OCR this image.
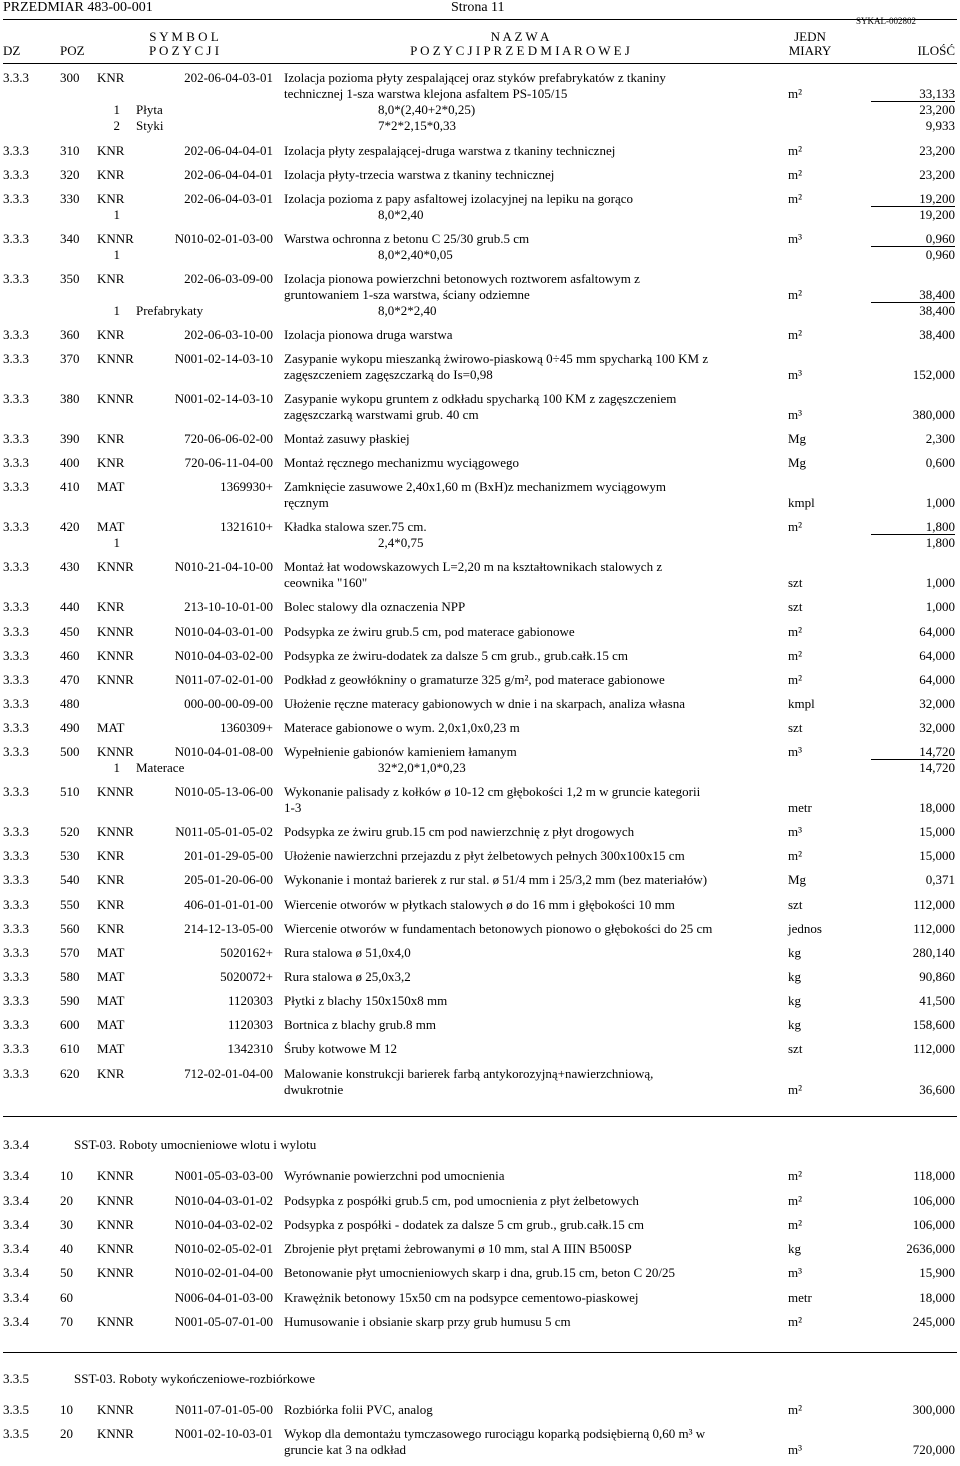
PRZEDMIAR 483-00-001	Strona 11
SYKAL-002802
DZ	POZ
S Y M B O L
P O Z Y C J I
N A Z W A
P O Z Y C J I P R Z E D M I A R O W E J
JEDN
MIARY	ILOŚĆ
3.3.3 300 KNR	202-06-04-03-01 Izolacja pozioma płyty zespalającej oraz styków prefabrykatów z tkaniny
technicznej 1-sza warstwa klejona asfaltem PS-105/15	m²	33,133
1 Płyta	8,0*(2,40+2*0,25)	23,200
2 Styki	7*2*2,15*0,33	9,933
3.3.3 310 KNR	202-06-04-04-01 Izolacja płyty zespalającej-druga warstwa z tkaniny technicznej	m²	23,200
3.3.3 320 KNR	202-06-04-04-01 Izolacja płyty-trzecia warstwa z tkaniny technicznej	m²	23,200
3.3.3 330 KNR	202-06-04-03-01 Izolacja pozioma z papy asfaltowej izolacyjnej na lepiku na gorąco	m²	19,200
1	8,0*2,40	19,200
3.3.3 340 KNNR	N010-02-01-03-00 Warstwa ochronna z betonu C 25/30 grub.5 cm	m³	0,960
1	8,0*2,40*0,05	0,960
3.3.3 350 KNR	202-06-03-09-00 Izolacja pionowa powierzchni betonowych roztworem asfaltowym z
gruntowaniem 1-sza warstwa, ściany odziemne	m²	38,400
1 Prefabrykaty	8,0*2*2,40	38,400
3.3.3 360 KNR	202-06-03-10-00 Izolacja pionowa druga warstwa	m²	38,400
3.3.3 370 KNNR	N001-02-14-03-10 Zasypanie wykopu mieszanką żwirowo-piaskową 0÷45 mm spycharką 100 KM z
zagęszczeniem zagęszczarką do Is=0,98	m³	152,000
3.3.3 380 KNNR	N001-02-14-03-10 Zasypanie wykopu gruntem z odkładu spycharką 100 KM z zagęszczeniem
zagęszczarką warstwami grub. 40 cm	m³	380,000
3.3.3 390 KNR	720-06-06-02-00 Montaż zasuwy płaskiej	Mg	2,300
3.3.3 400 KNR	720-06-11-04-00 Montaż ręcznego mechanizmu wyciągowego	Mg	0,600
3.3.3 410 MAT	1369930+ Zamknięcie zasuwowe 2,40x1,60 m (BxH)z mechanizmem wyciągowym
ręcznym	kmpl	1,000
3.3.3 420 MAT	1321610+ Kładka stalowa szer.75 cm.	m²	1,800
1	2,4*0,75	1,800
3.3.3 430 KNNR	N010-21-04-10-00 Montaż łat wodowskazowych L=2,20 m na kształtownikach stalowych z
ceownika "160"	szt	1,000
3.3.3 440 KNR	213-10-10-01-00 Bolec stalowy dla oznaczenia NPP	szt	1,000
3.3.3 450 KNNR	N010-04-03-01-00 Podsypka ze żwiru grub.5 cm, pod materace gabionowe	m²	64,000
3.3.3 460 KNNR	N010-04-03-02-00 Podsypka ze żwiru-dodatek za dalsze 5 cm grub., grub.całk.15 cm	m²	64,000
3.3.3 470 KNNR	N011-07-02-01-00 Podkład z geowłókniny o gramaturze 325 g/m², pod materace gabionowe	m²	64,000
3.3.3 480	000-00-00-09-00 Ułożenie ręczne materacy gabionowych w dnie i na skarpach, analiza własna	kmpl	32,000
3.3.3 490 MAT	1360309+ Materace gabionowe o wym. 2,0x1,0x0,23 m	szt	32,000
3.3.3 500 KNNR	N010-04-01-08-00 Wypełnienie gabionów kamieniem łamanym	m³	14,720
1 Materace	32*2,0*1,0*0,23	14,720
3.3.3 510 KNNR	N010-05-13-06-00 Wykonanie palisady z kołków ø 10-12 cm głębokości 1,2 m w gruncie kategorii
1-3	metr	18,000
3.3.3 520 KNNR	N011-05-01-05-02 Podsypka ze żwiru grub.15 cm pod nawierzchnię z płyt drogowych	m³	15,000
3.3.3 530 KNR	201-01-29-05-00 Ułożenie nawierzchni przejazdu z płyt żelbetowych pełnych 300x100x15 cm	m²	15,000
3.3.3 540 KNR	205-01-20-06-00 Wykonanie i montaż barierek z rur stal. ø 51/4 mm i 25/3,2 mm (bez materiałów)	Mg	0,371
3.3.3 550 KNR	406-01-01-01-00 Wiercenie otworów w płytkach stalowych ø do 16 mm i głębokości 10 mm	szt	112,000
3.3.3 560 KNR	214-12-13-05-00 Wiercenie otworów w fundamentach betonowych pionowo o głębokości do 25 cm	jednos	112,000
3.3.3 570 MAT	5020162+ Rura stalowa ø 51,0x4,0	kg	280,140
3.3.3 580 MAT	5020072+ Rura stalowa ø 25,0x3,2	kg	90,860
3.3.3 590 MAT	1120303 Płytki z blachy 150x150x8 mm	kg	41,500
3.3.3 600 MAT	1120303 Bortnica z blachy grub.8 mm	kg	158,600
3.3.3 610 MAT	1342310 Śruby kotwowe M 12	szt	112,000
3.3.3 620 KNR	712-02-01-04-00 Malowanie konstrukcji barierek farbą antykorozyjną+nawierzchniową,
dwukrotnie	m²	36,600
3.3.4	SST-03. Roboty umocnieniowe wlotu i wylotu
3.3.4 10 KNNR	N001-05-03-03-00 Wyrównanie powierzchni pod umocnienia	m²	118,000
3.3.4 20 KNNR	N010-04-03-01-02 Podsypka z pospółki grub.5 cm, pod umocnienia z płyt żelbetowych	m²	106,000
3.3.4 30 KNNR	N010-04-03-02-02 Podsypka z pospółki - dodatek za dalsze 5 cm grub., grub.całk.15 cm	m²	106,000
3.3.4 40 KNNR	N010-02-05-02-01 Zbrojenie płyt prętami żebrowanymi ø 10 mm, stal A IIIN B500SP	kg	2636,000
3.3.4 50 KNNR	N010-02-01-04-00 Betonowanie płyt umocnieniowych skarp i dna, grub.15 cm, beton C 20/25	m³	15,900
3.3.4 60	N006-04-01-03-00 Krawężnik betonowy 15x50 cm na podsypce cementowo-piaskowej	metr	18,000
3.3.4 70 KNNR	N001-05-07-01-00 Humusowanie i obsianie skarp przy grub humusu 5 cm	m²	245,000
3.3.5	SST-03. Roboty wykończeniowe-rozbiórkowe
3.3.5 10 KNNR	N011-07-01-05-00 Rozbiórka folii PVC, analog	m²	300,000
3.3.5 20 KNNR	N001-02-10-03-01 Wykop dla demontażu tymczasowego rurociągu koparką podsiębierną 0,60 m³ w
gruncie kat 3 na odkład	m³	720,000
